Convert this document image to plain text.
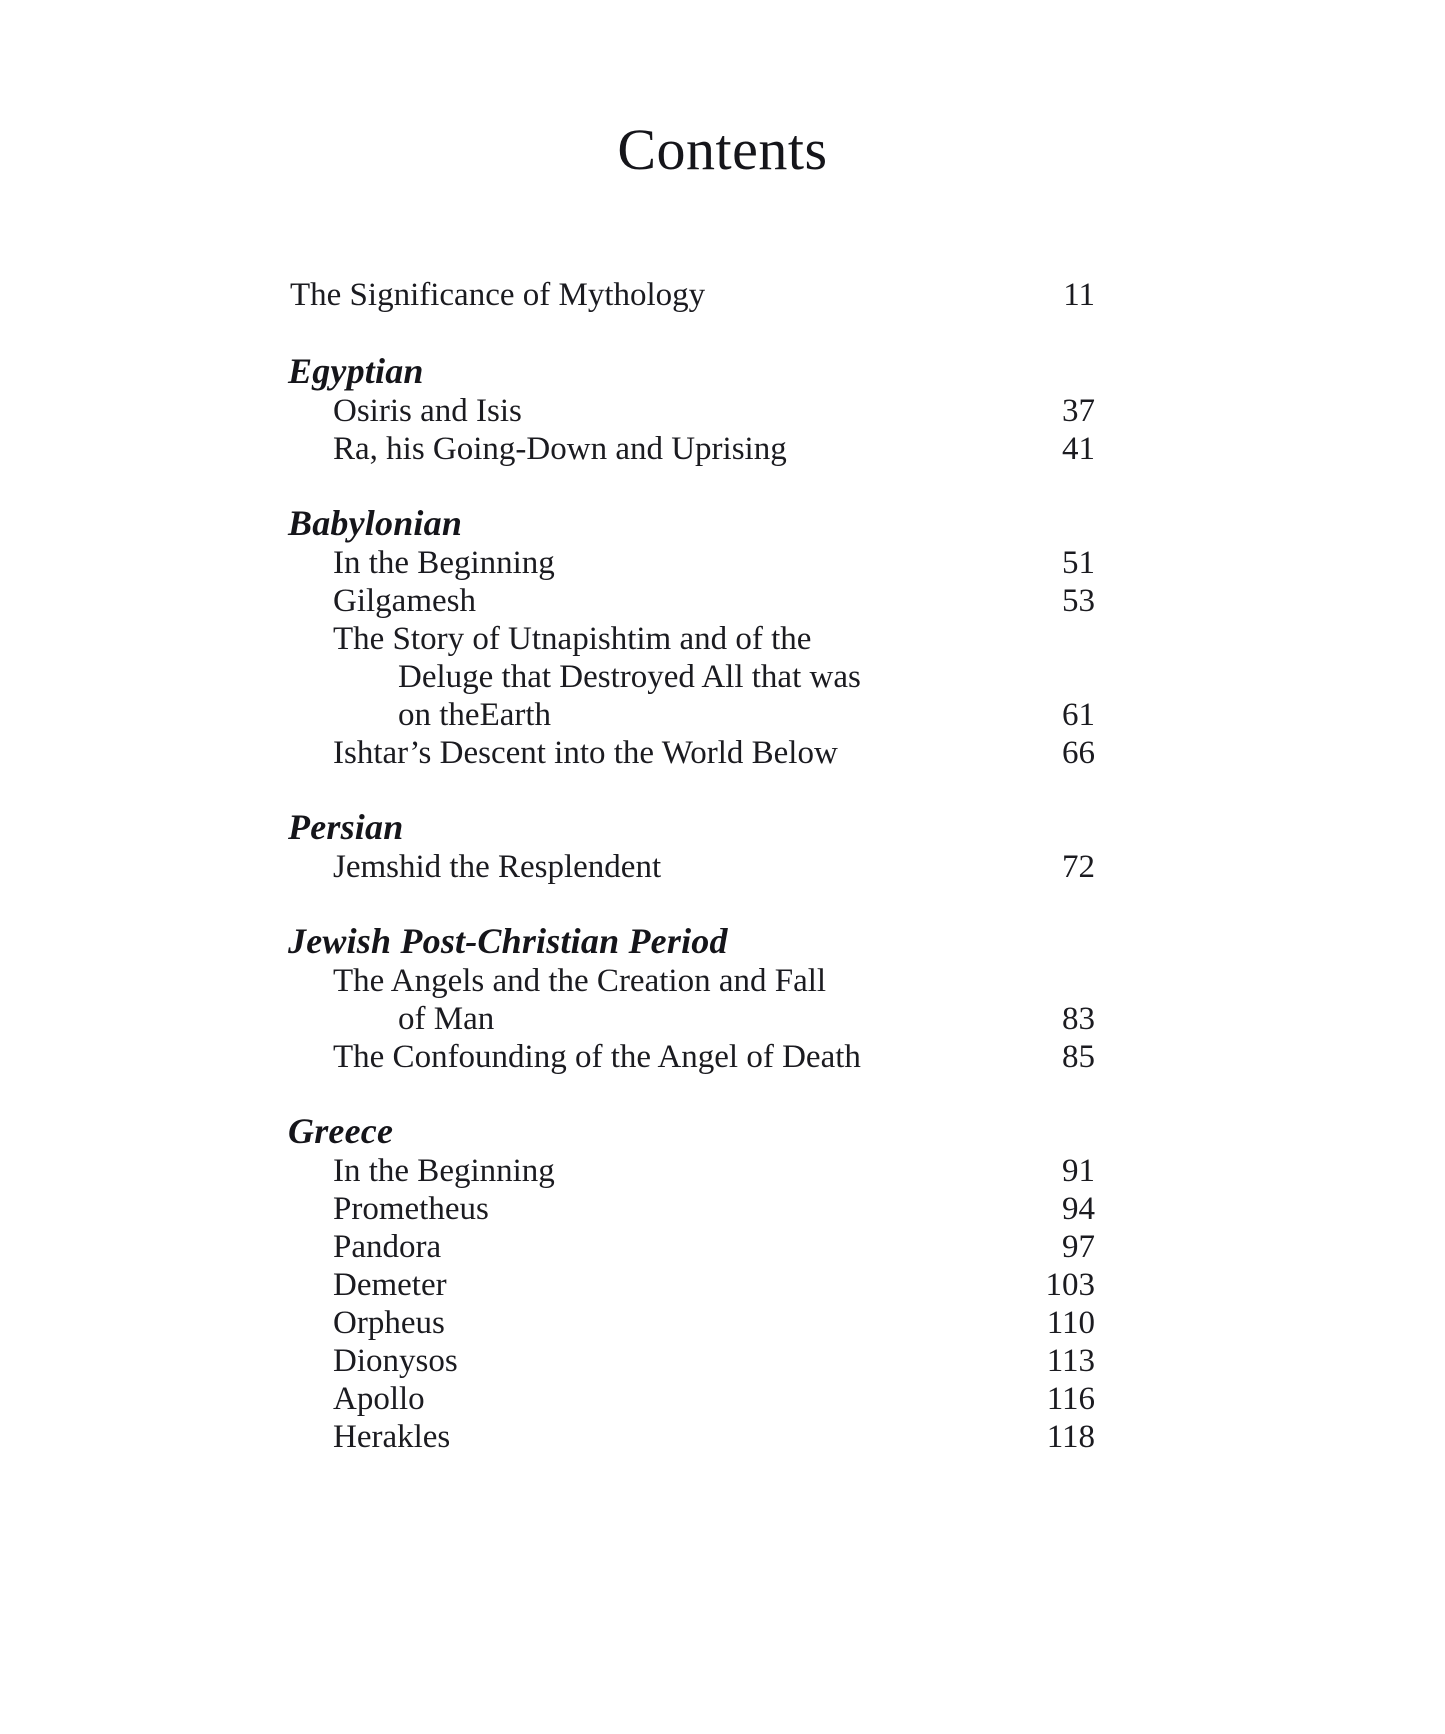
Contents
The Significance of Mythology	11
Egyptian
Osiris and Isis	37
Ra, his Going-Down and Uprising	41
Babylonian
In the Beginning	51
Gilgamesh	53
The Story of Utnapishtim and of the
Deluge that Destroyed All that was
on theEarth	61
Ishtar’s Descent into the World Below	66
Persian
Jemshid the Resplendent	72
Jewish Post-Christian Period
The Angels and the Creation and Fall
of Man	83
The Confounding of the Angel of Death	85
Greece
In the Beginning	91
Prometheus	94
Pandora	97
Demeter	103
Orpheus	110
Dionysos	113
Apollo	116
Herakles	118
